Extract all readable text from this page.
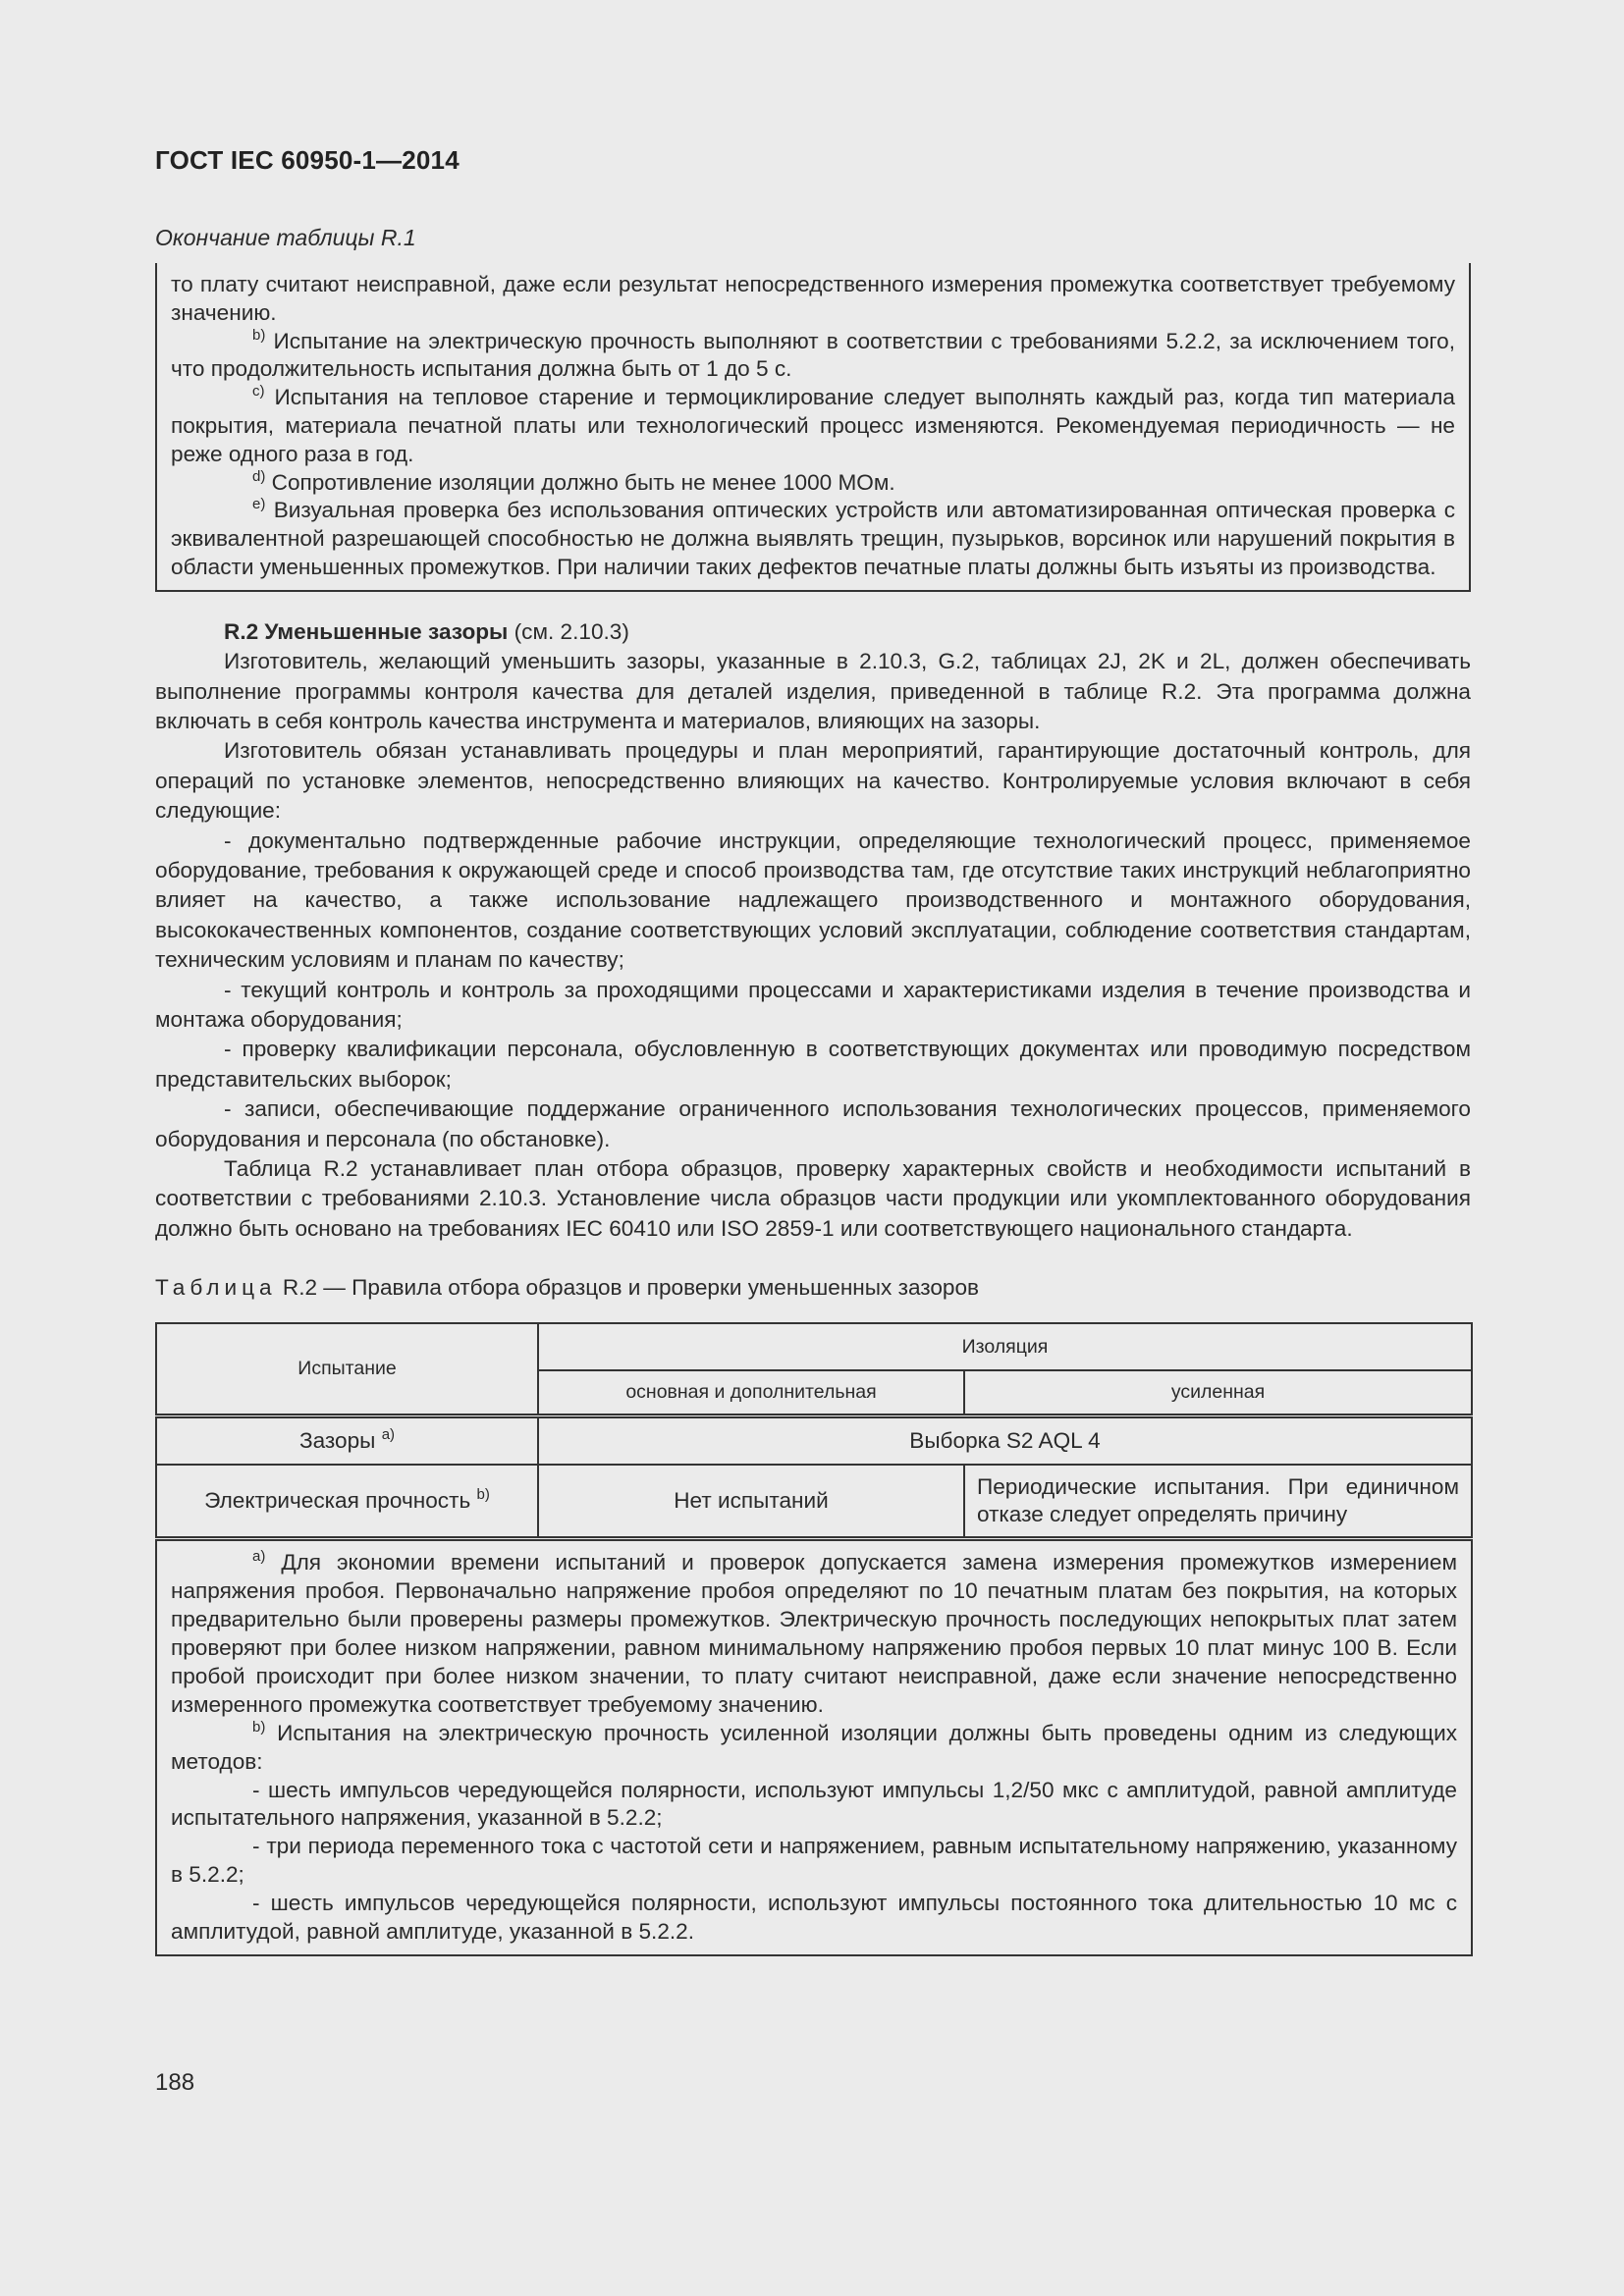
ГОСТ IEC 60950-1—2014
Окончание таблицы R.1

то плату считают неисправной, даже если результат непосредственного измерения промежутка соответствует требуемому значению.

$^{b)}$ Испытание на электрическую прочность выполняют в соответствии с требованиями 5.2.2, за исключением того, что продолжительность испытания должна быть от 1 до 5 с.

$^{c)}$ Испытания на тепловое старение и термоциклирование следует выполнять каждый раз, когда тип материала покрытия, материала печатной платы или технологический процесс изменяются. Рекомендуемая периодичность — не реже одного раза в год.

$^{d)}$ Сопротивление изоляции должно быть не менее 1000 МОм.

$^{e)}$ Визуальная проверка без использования оптических устройств или автоматизированная оптическая проверка с эквивалентной разрешающей способностью не должна выявлять трещин, пузырьков, ворсинок или нарушений покрытия в области уменьшенных промежутков. При наличии таких дефектов печатные платы должны быть изъяты из производства.

R.2 Уменьшенные зазоры (см. 2.10.3)

Изготовитель, желающий уменьшить зазоры, указанные в 2.10.3, G.2, таблицах 2J, 2K и 2L, должен обеспечивать выполнение программы контроля качества для деталей изделия, приведенной в таблице R.2. Эта программа должна включать в себя контроль качества инструмента и материалов, влияющих на зазоры.

Изготовитель обязан устанавливать процедуры и план мероприятий, гарантирующие достаточный контроль, для операций по установке элементов, непосредственно влияющих на качество. Контролируемые условия включают в себя следующие:

- документально подтвержденные рабочие инструкции, определяющие технологический процесс, применяемое оборудование, требования к окружающей среде и способ производства там, где отсутствие таких инструкций неблагоприятно влияет на качество, а также использование надлежащего производственного и монтажного оборудования, высококачественных компонентов, создание соответствующих условий эксплуатации, соблюдение соответствия стандартам, техническим условиям и планам по качеству;

- текущий контроль и контроль за проходящими процессами и характеристиками изделия в течение производства и монтажа оборудования;

- проверку квалификации персонала, обусловленную в соответствующих документах или проводимую посредством представительских выборок;

- записи, обеспечивающие поддержание ограниченного использования технологических процессов, применяемого оборудования и персонала (по обстановке).

Таблица R.2 устанавливает план отбора образцов, проверку характерных свойств и необходимости испытаний в соответствии с требованиями 2.10.3. Установление числа образцов части продукции или укомплектованного оборудования должно быть основано на требованиях IEC 60410 или ISO 2859-1 или соответствующего национального стандарта.

Таблица R.2 — Правила отбора образцов и проверки уменьшенных зазоров
Испытание	Изоляция	
	основная и дополнительная	усиленная
Зазоры $^{a)}$	Выборка S2 AQL 4	
Электрическая прочность $^{b)}$	Нет испытаний	Периодические испытания. При единичном отказе следует определять причину

$^{a)}$ Для экономии времени испытаний и проверок допускается замена измерения промежутков измерением напряжения пробоя. Первоначально напряжение пробоя определяют по 10 печатным платам без покрытия, на которых предварительно были проверены размеры промежутков. Электрическую прочность последующих непокрытых плат затем проверяют при более низком напряжении, равном минимальному напряжению пробоя первых 10 плат минус 100 В. Если пробой происходит при более низком значении, то плату считают неисправной, даже если значение непосредственно измеренного промежутка соответствует требуемому значению.

$^{b)}$ Испытания на электрическую прочность усиленной изоляции должны быть проведены одним из следующих методов:

- шесть импульсов чередующейся полярности, используют импульсы 1,2/50 мкс с амплитудой, равной амплитуде испытательного напряжения, указанной в 5.2.2;

- три периода переменного тока с частотой сети и напряжением, равным испытательному напряжению, указанному в 5.2.2;

- шесть импульсов чередующейся полярности, используют импульсы постоянного тока длительностью 10 мс с амплитудой, равной амплитуде, указанной в 5.2.2.		

188
